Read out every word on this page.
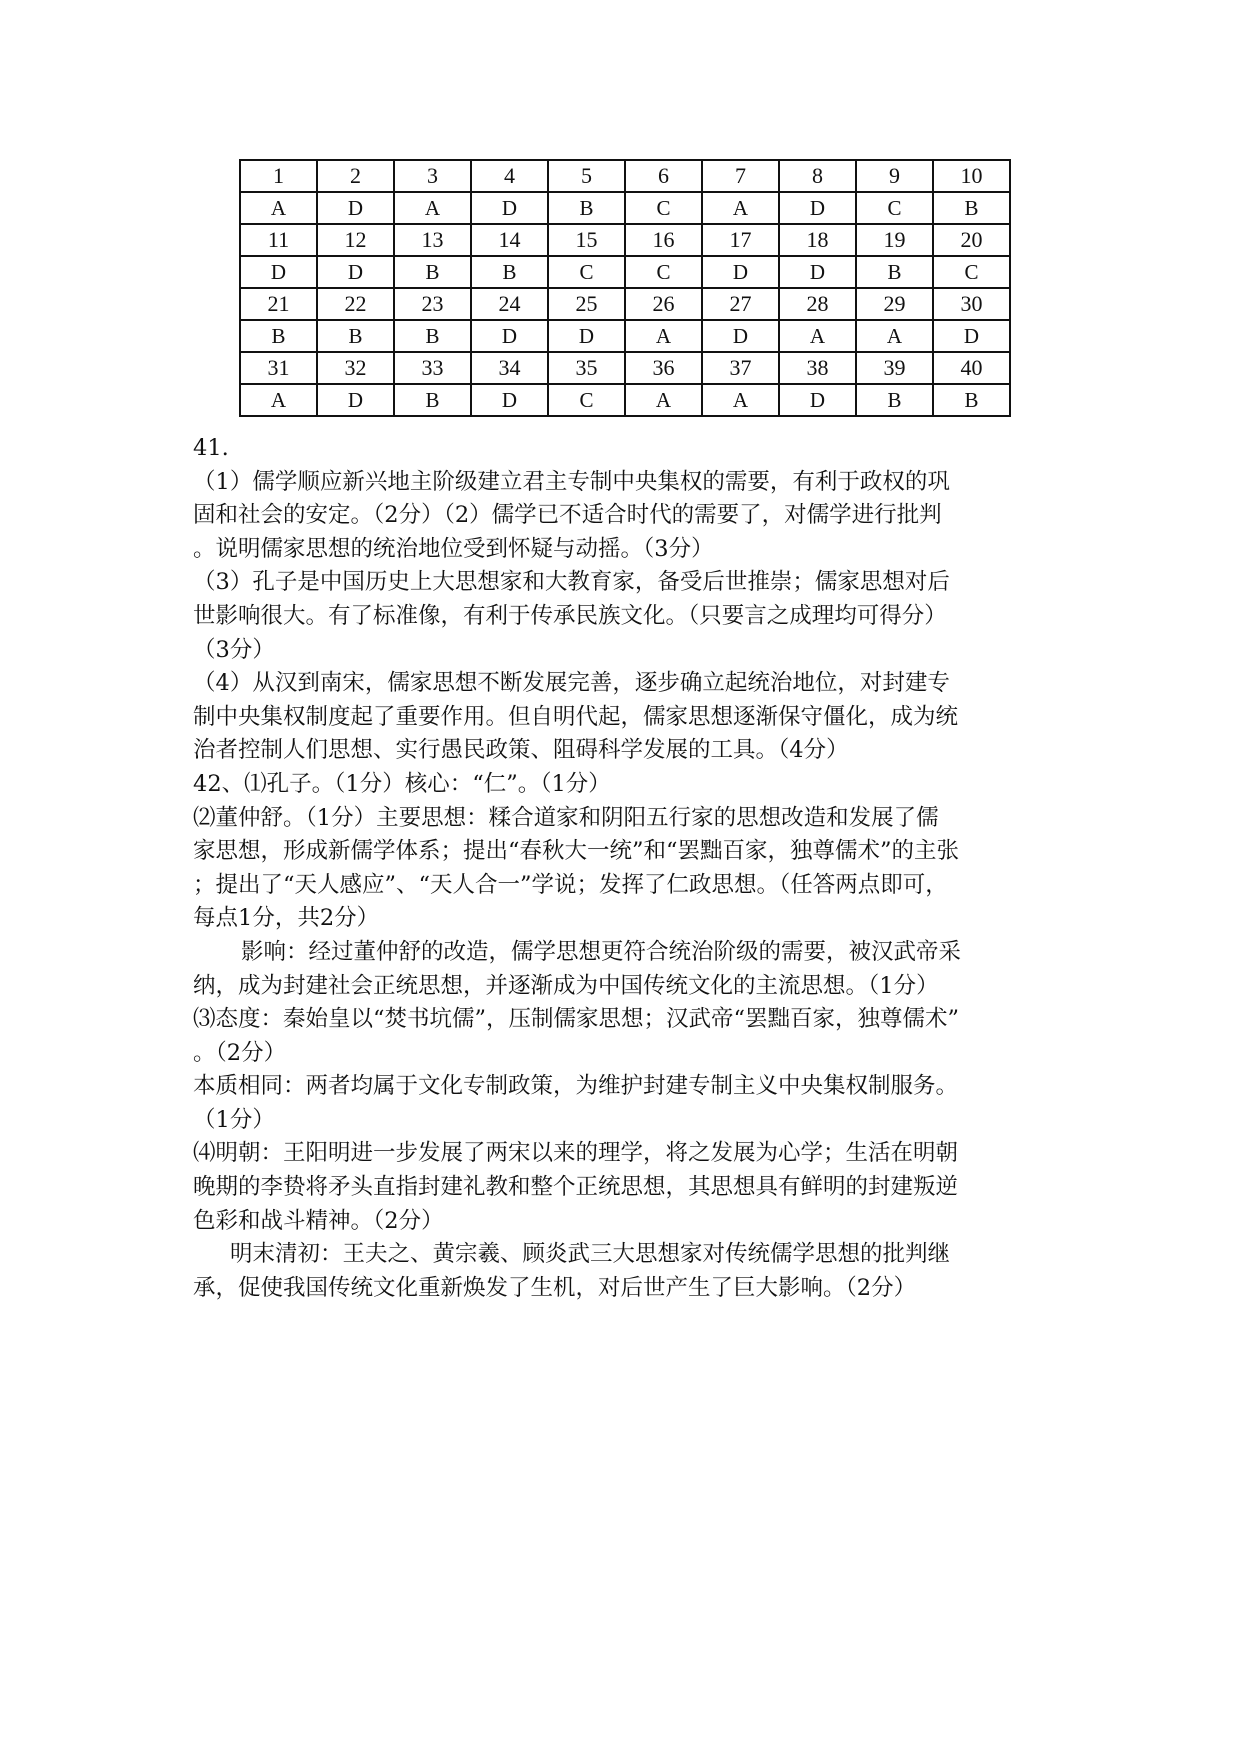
1	2	3	4	5	6	7	8	9	10
A	D	A	D	B	C	A	D	C	B
11	12	13	14	15	16	17	18	19	20
D	D	B	B	C	C	D	D	B	C
21	22	23	24	25	26	27	28	29	30
B	B	B	D	D	A	D	A	A	D
31	32	33	34	35	36	37	38	39	40
A	D	B	D	C	A	A	D	B	B
41.
（1）儒学顺应新兴地主阶级建立君主专制中央集权的需要，有利于政权的巩
固和社会的安定。（2分）（2）儒学已不适合时代的需要了，对儒学进行批判
。说明儒家思想的统治地位受到怀疑与动摇。（3分）
（3）孔子是中国历史上大思想家和大教育家，备受后世推崇；儒家思想对后
世影响很大。有了标准像，有利于传承民族文化。（只要言之成理均可得分）
（3分）
（4）从汉到南宋，儒家思想不断发展完善，逐步确立起统治地位，对封建专
制中央集权制度起了重要作用。但自明代起，儒家思想逐渐保守僵化，成为统
治者控制人们思想、实行愚民政策、阻碍科学发展的工具。（4分）
42、⑴孔子。（1分）核心：“仁”。（1分）
⑵董仲舒。（1分）主要思想：糅合道家和阴阳五行家的思想改造和发展了儒
家思想，形成新儒学体系；提出“春秋大一统”和“罢黜百家，独尊儒术”的主张
；提出了“天人感应”、“天人合一”学说；发挥了仁政思想。（任答两点即可，
每点1分，共2分）
影响：经过董仲舒的改造，儒学思想更符合统治阶级的需要，被汉武帝采
纳，成为封建社会正统思想，并逐渐成为中国传统文化的主流思想。（1分）
⑶态度：秦始皇以“焚书坑儒”，压制儒家思想；汉武帝“罢黜百家，独尊儒术”
。（2分）
本质相同：两者均属于文化专制政策，为维护封建专制主义中央集权制服务。
（1分）
⑷明朝：王阳明进一步发展了两宋以来的理学，将之发展为心学；生活在明朝
晚期的李贽将矛头直指封建礼教和整个正统思想，其思想具有鲜明的封建叛逆
色彩和战斗精神。（2分）
明末清初：王夫之、黄宗羲、顾炎武三大思想家对传统儒学思想的批判继
承，促使我国传统文化重新焕发了生机，对后世产生了巨大影响。（2分）
